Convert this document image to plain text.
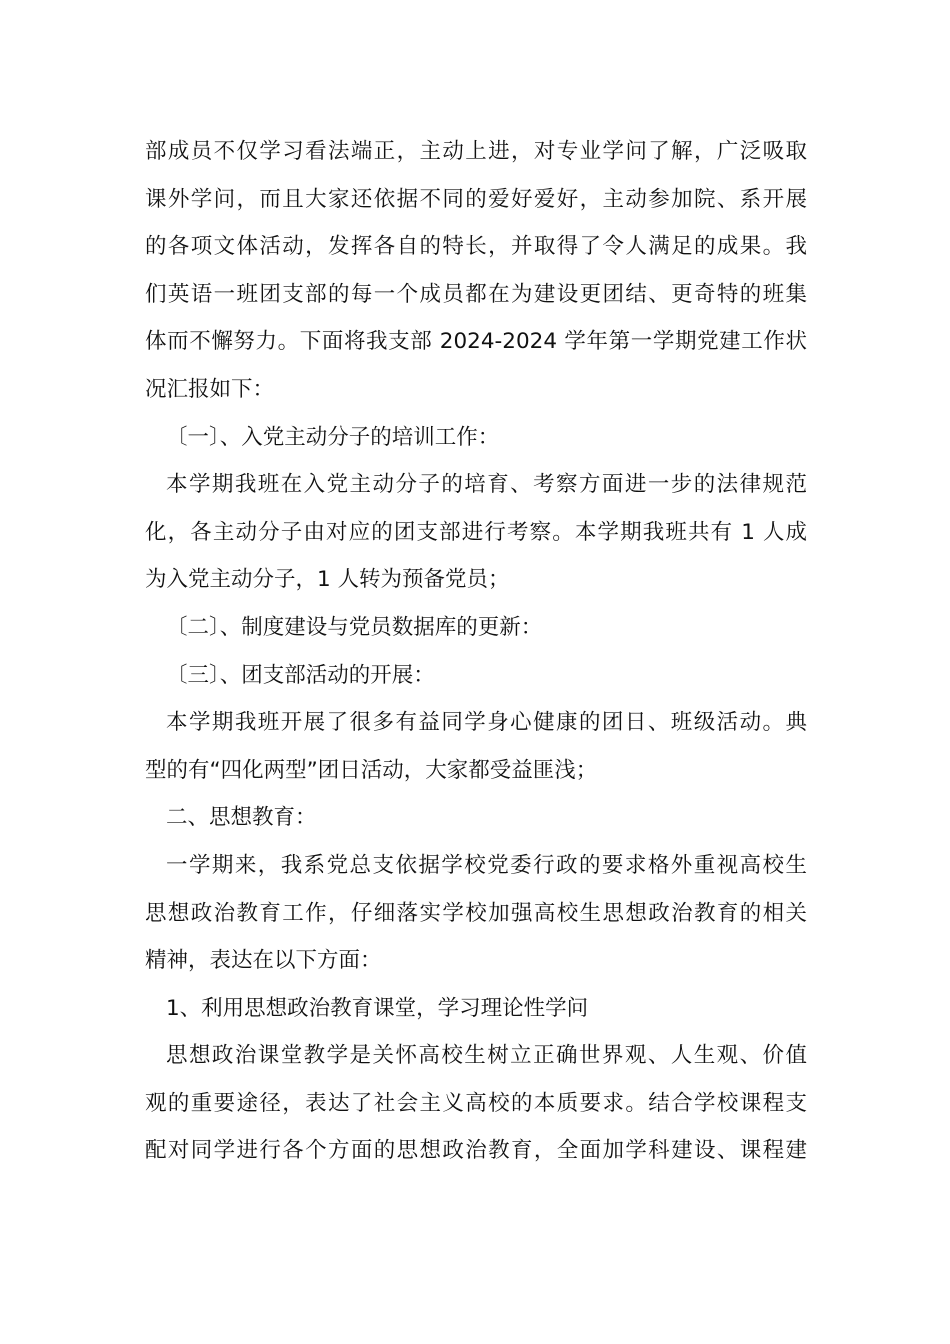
部成员不仅学习看法端正，主动上进，对专业学问了解，广泛吸取
课外学问，而且大家还依据不同的爱好爱好，主动参加院、系开展
的各项文体活动，发挥各自的特长，并取得了令人满足的成果。我
们英语一班团支部的每一个成员都在为建设更团结、更奇特的班集
体而不懈努力。下面将我支部 2024-2024 学年第一学期党建工作状
况汇报如下：
〔一〕、入党主动分子的培训工作：
本学期我班在入党主动分子的培育、考察方面进一步的法律规范
化，各主动分子由对应的团支部进行考察。本学期我班共有 1 人成
为入党主动分子，1 人转为预备党员；
〔二〕、制度建设与党员数据库的更新：
〔三〕、团支部活动的开展：
本学期我班开展了很多有益同学身心健康的团日、班级活动。典
型的有“四化两型”团日活动，大家都受益匪浅；
二、思想教育：
一学期来，我系党总支依据学校党委行政的要求格外重视高校生
思想政治教育工作，仔细落实学校加强高校生思想政治教育的相关
精神，表达在以下方面：
1、利用思想政治教育课堂，学习理论性学问
思想政治课堂教学是关怀高校生树立正确世界观、人生观、价值
观的重要途径，表达了社会主义高校的本质要求。结合学校课程支
配对同学进行各个方面的思想政治教育，全面加学科建设、课程建
